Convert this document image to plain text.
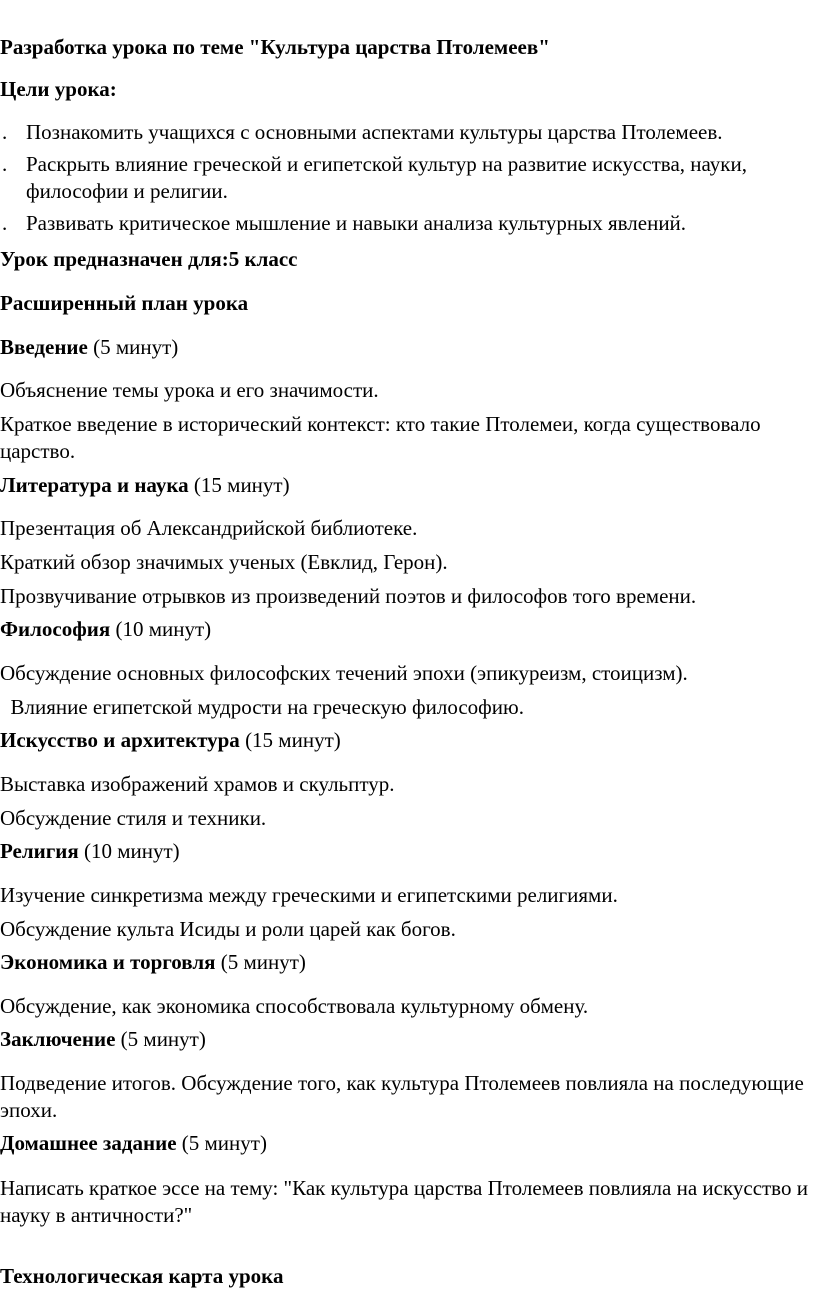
Разработка урока по теме "Культура царства Птолемеев"
Цели урока:
. Познакомить учащихся с основными аспектами культуры царства Птолемеев.
. Раскрыть влияние греческой и египетской культур на развитие искусства, науки, философии и религии.
. Развивать критическое мышление и навыки анализа культурных явлений.
Урок предназначен для:5 класс
Расширенный план урока
Введение (5 минут)
Объяснение темы урока и его значимости.
Краткое введение в исторический контекст: кто такие Птолемеи, когда существовало царство.
Литература и наука (15 минут)
Презентация об Александрийской библиотеке.
Краткий обзор значимых ученых (Евклид, Герон).
Прозвучивание отрывков из произведений поэтов и философов того времени.
Философия (10 минут)
Обсуждение основных философских течений эпохи (эпикуреизм, стоицизм).
Влияние египетской мудрости на греческую философию.
Искусство и архитектура (15 минут)
Выставка изображений храмов и скульптур.
Обсуждение стиля и техники.
Религия (10 минут)
Изучение синкретизма между греческими и египетскими религиями.
Обсуждение культа Исиды и роли царей как богов.
Экономика и торговля (5 минут)
Обсуждение, как экономика способствовала культурному обмену.
Заключение (5 минут)
Подведение итогов. Обсуждение того, как культура Птолемеев повлияла на последующие эпохи.
Домашнее задание (5 минут)
Написать краткое эссе на тему: "Как культура царства Птолемеев повлияла на искусство и науку в античности?"
Технологическая карта урока
